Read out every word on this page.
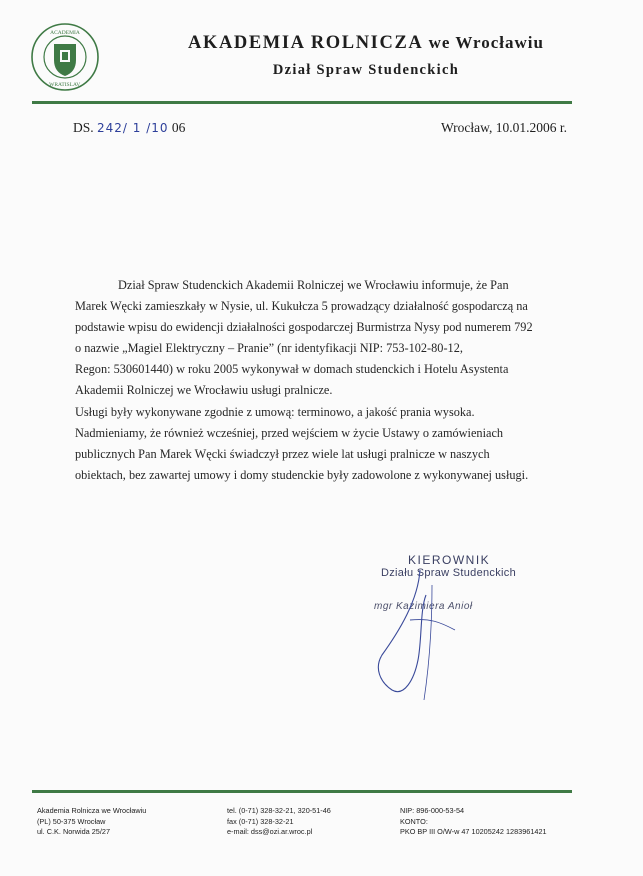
ACADEMIA
WRATISLAV.
AKADEMIA ROLNICZA we Wrocławiu
Dział Spraw Studenckich
DS. 242/ 1 /10 06	Wrocław, 10.01.2006 r.

Dział Spraw Studenckich Akademii Rolniczej we Wrocławiu informuje, że Pan

Marek Węcki zamieszkały w Nysie, ul. Kukułcza 5 prowadzący działalność gospodarczą na

podstawie wpisu do ewidencji działalności gospodarczej Burmistrza Nysy pod numerem 792

o nazwie „Magiel Elektryczny – Pranie” (nr identyfikacji NIP: 753-102-80-12,

Regon: 530601440) w roku 2005 wykonywał w domach studenckich i Hotelu Asystenta

Akademii Rolniczej we Wrocławiu usługi pralnicze.

Usługi były wykonywane zgodnie z umową: terminowo, a jakość prania wysoka.

Nadmieniamy, że również wcześniej, przed wejściem w życie Ustawy o zamówieniach

publicznych Pan Marek Węcki świadczył przez wiele lat usługi pralnicze w naszych

obiektach, bez zawartej umowy i domy studenckie były zadowolone z wykonywanej usługi.

KIEROWNIK
Działu Spraw Studenckich
mgr Kazimiera Anioł
Akademia Rolnicza we Wrocławiu
(PL) 50-375 Wrocław
ul. C.K. Norwida 25/27
tel. (0-71) 328-32-21, 320-51-46
fax (0-71) 328-32-21
e-mail: dss@ozi.ar.wroc.pl
NIP: 896-000-53-54
KONTO:
PKO BP III O/W-w 47 10205242 1283961421
